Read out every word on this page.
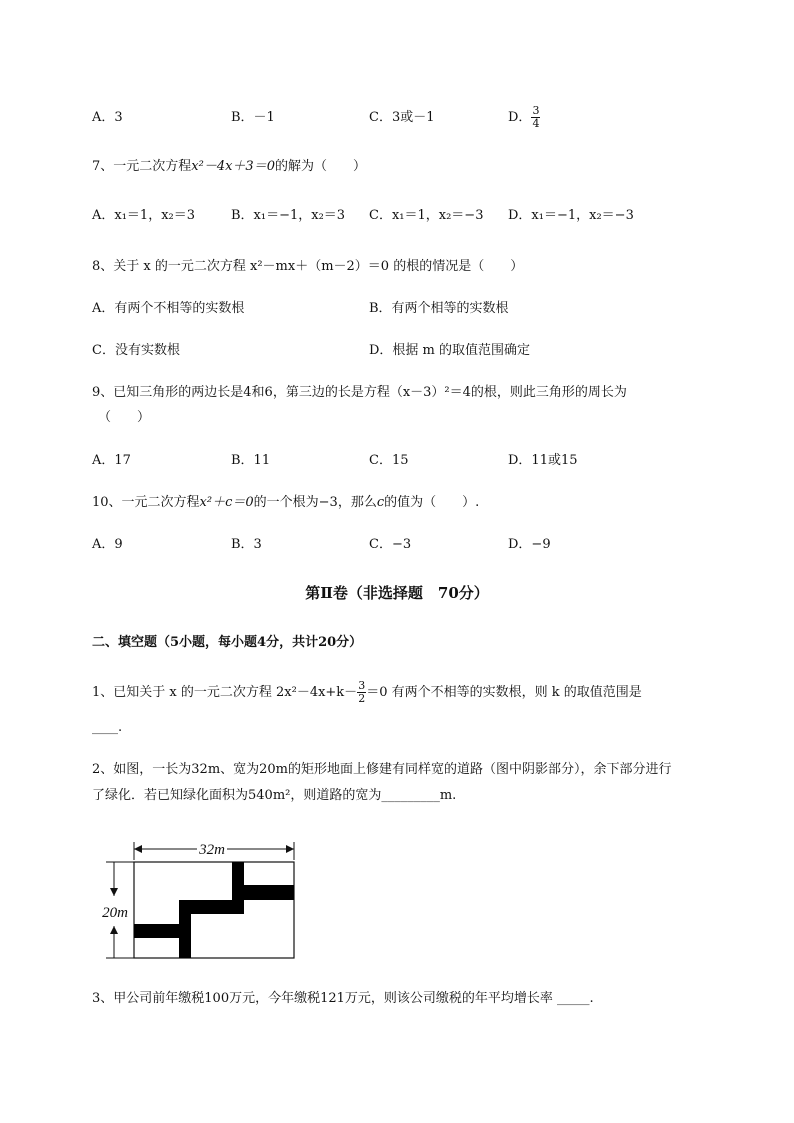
A．3	B．－1	C．3或－1	D． $\frac{3}{4}$
7、一元二次方程x²－4x＋3＝0的解为（　　）
A．x₁＝1，x₂＝3	B．x₁＝−1，x₂＝3 C．x₁＝1，x₂＝−3 D．x₁＝−1，x₂＝−3
8、关于 x 的一元二次方程 x²－mx＋（m－2）＝0 的根的情况是（　　）
A．有两个不相等的实数根	B．有两个相等的实数根
C．没有实数根	D．根据 m 的取值范围确定
9、已知三角形的两边长是4和6，第三边的长是方程（x－3）²＝4的根，则此三角形的周长为
（　　）
A．17	B．11	C．15	D．11或15
10、一元二次方程x²＋c＝0的一个根为−3，那么c的值为（　　）.
A．9	B．3	C．−3	D．−9
第Ⅱ卷（非选择题　70分）
二、填空题（5小题，每小题4分，共计20分）
1、已知关于 x 的一元二次方程 $2x^2-4x+k- \frac{3}{2} =0$ 有两个不相等的实数根，则 k 的取值范围是
____.
2、如图，一长为32m、宽为20m的矩形地面上修建有同样宽的道路（图中阴影部分），余下部分进行
了绿化．若已知绿化面积为540m²，则道路的宽为_________m.
32m
20m
3、甲公司前年缴税100万元，今年缴税121万元，则该公司缴税的年平均增长率 _____.
